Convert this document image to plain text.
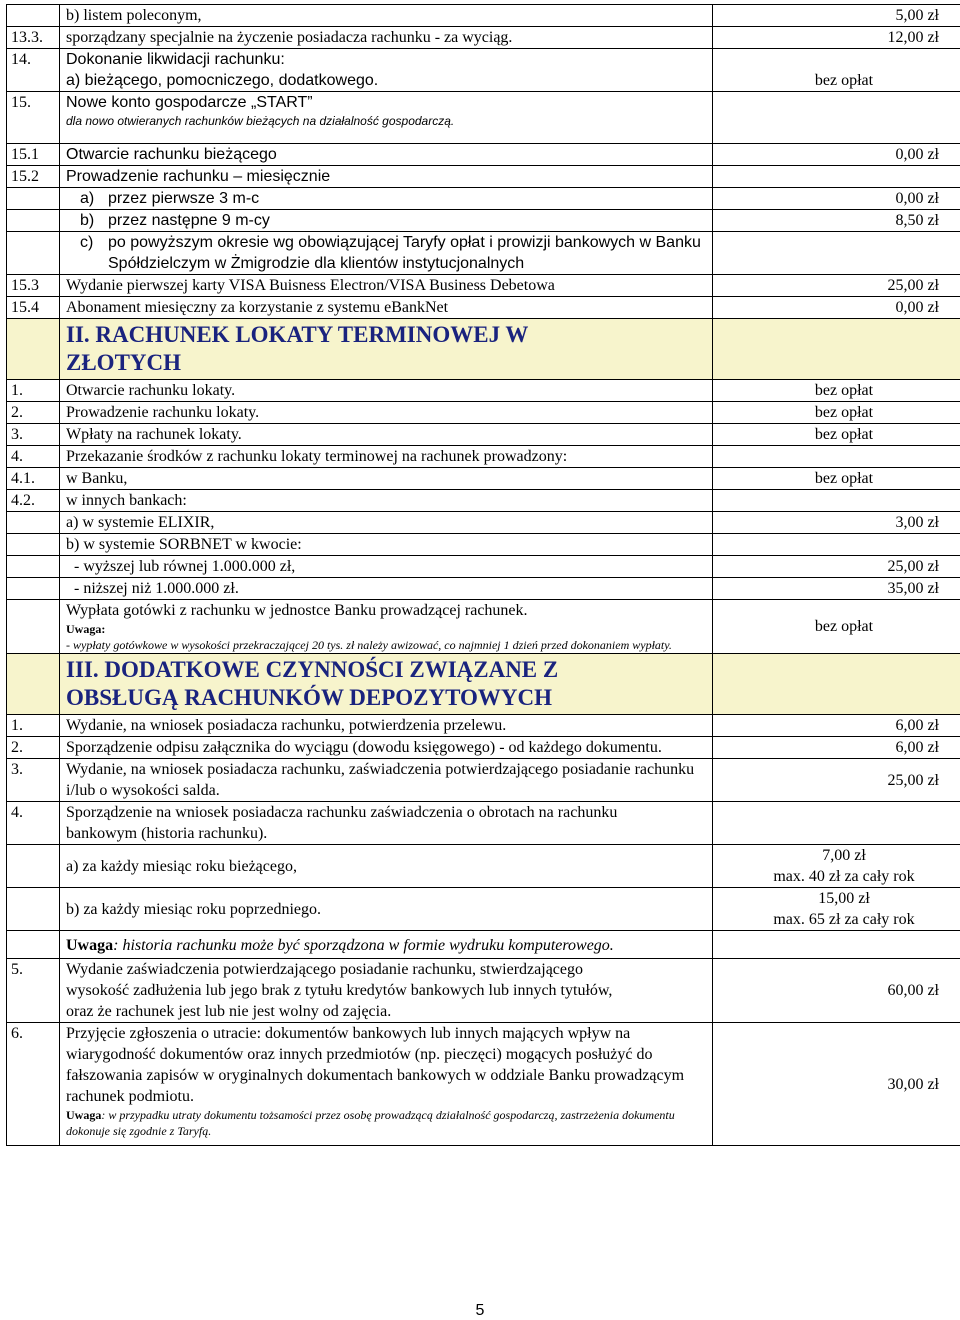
	b) listem poleconym,	5,00 zł
13.3.	sporządzany specjalnie na życzenie posiadacza rachunku - za wyciąg.	12,00 zł
14.	Dokonanie likwidacji rachunku:
a) bieżącego, pomocniczego, dodatkowego.	bez opłat
15.	Nowe konto gospodarcze „START”
dla nowo otwieranych rachunków bieżących na działalność gospodarczą.	

15.1	Otwarcie rachunku bieżącego	0,00 zł
15.2	Prowadzenie rachunku – miesięcznie	

	a) przez pierwsze 3 m-c	0,00 zł

	b) przez następne 9 m-cy	8,50 zł

	c) po powyższym okresie wg obowiązującej Taryfy opłat i prowizji bankowych w Banku Spółdzielczym w Żmigrodzie dla klientów instytucjonalnych	

15.3	Wydanie pierwszej karty VISA Buisness Electron/VISA Business Debetowa	25,00 zł
15.4	Abonament miesięczny za korzystanie z systemu eBankNet	0,00 zł

	II. RACHUNEK LOKATY TERMINOWEJ W ZŁOTYCH	

1.	Otwarcie rachunku lokaty.	bez opłat
2.	Prowadzenie rachunku lokaty.	bez opłat
3.	Wpłaty na rachunek lokaty.	bez opłat
4.	Przekazanie środków z rachunku lokaty terminowej na rachunek prowadzony:	
4.1.	w Banku,	bez opłat
4.2.	w innych bankach:	
	a) w systemie ELIXIR,	3,00 zł
	b) w systemie SORBNET w kwocie:	
	- wyższej lub równej 1.000.000 zł,	25,00 zł
	- niższej niż 1.000.000 zł.	35,00 zł

	Wypłata gotówki z rachunku w jednostce Banku prowadzącej rachunek.
Uwaga:
- wypłaty gotówkowe w wysokości przekraczającej 20 tys. zł należy awizować, co najmniej 1 dzień przed dokonaniem wypłaty.	bez opłat

	III. DODATKOWE CZYNNOŚCI ZWIĄZANE Z OBSŁUGĄ RACHUNKÓW DEPOZYTOWYCH	

1.	Wydanie, na wniosek posiadacza rachunku, potwierdzenia przelewu.	6,00 zł
2.	Sporządzenie odpisu załącznika do wyciągu (dowodu księgowego) - od każdego dokumentu.	6,00 zł
3.	Wydanie, na wniosek posiadacza rachunku, zaświadczenia potwierdzającego posiadanie rachunku i/lub o wysokości salda.	25,00 zł
4.	Sporządzenie na wniosek posiadacza rachunku zaświadczenia o obrotach na rachunku bankowym (historia rachunku).	
	a) za każdy miesiąc roku bieżącego,	7,00 zł
max. 40 zł za cały rok

	b) za każdy miesiąc roku poprzedniego.	15,00 zł
max. 65 zł za cały rok

	Uwaga: historia rachunku może być sporządzona w formie wydruku komputerowego.	
5.	Wydanie zaświadczenia potwierdzającego posiadanie rachunku, stwierdzającego wysokość zadłużenia lub jego brak z tytułu kredytów bankowych lub innych tytułów, oraz że rachunek jest lub nie jest wolny od zajęcia.	60,00 zł
6.	Przyjęcie zgłoszenia o utracie: dokumentów bankowych lub innych mających wpływ na wiarygodność dokumentów oraz innych przedmiotów (np. pieczęci) mogących posłużyć do fałszowania zapisów w oryginalnych dokumentach bankowych w oddziale Banku prowadzącym rachunek podmiotu.
Uwaga: w przypadku utraty dokumentu tożsamości przez osobę prowadzącą działalność gospodarczą, zastrzeżenia dokumentu dokonuje się zgodnie z Taryfą.	30,00 zł
5
